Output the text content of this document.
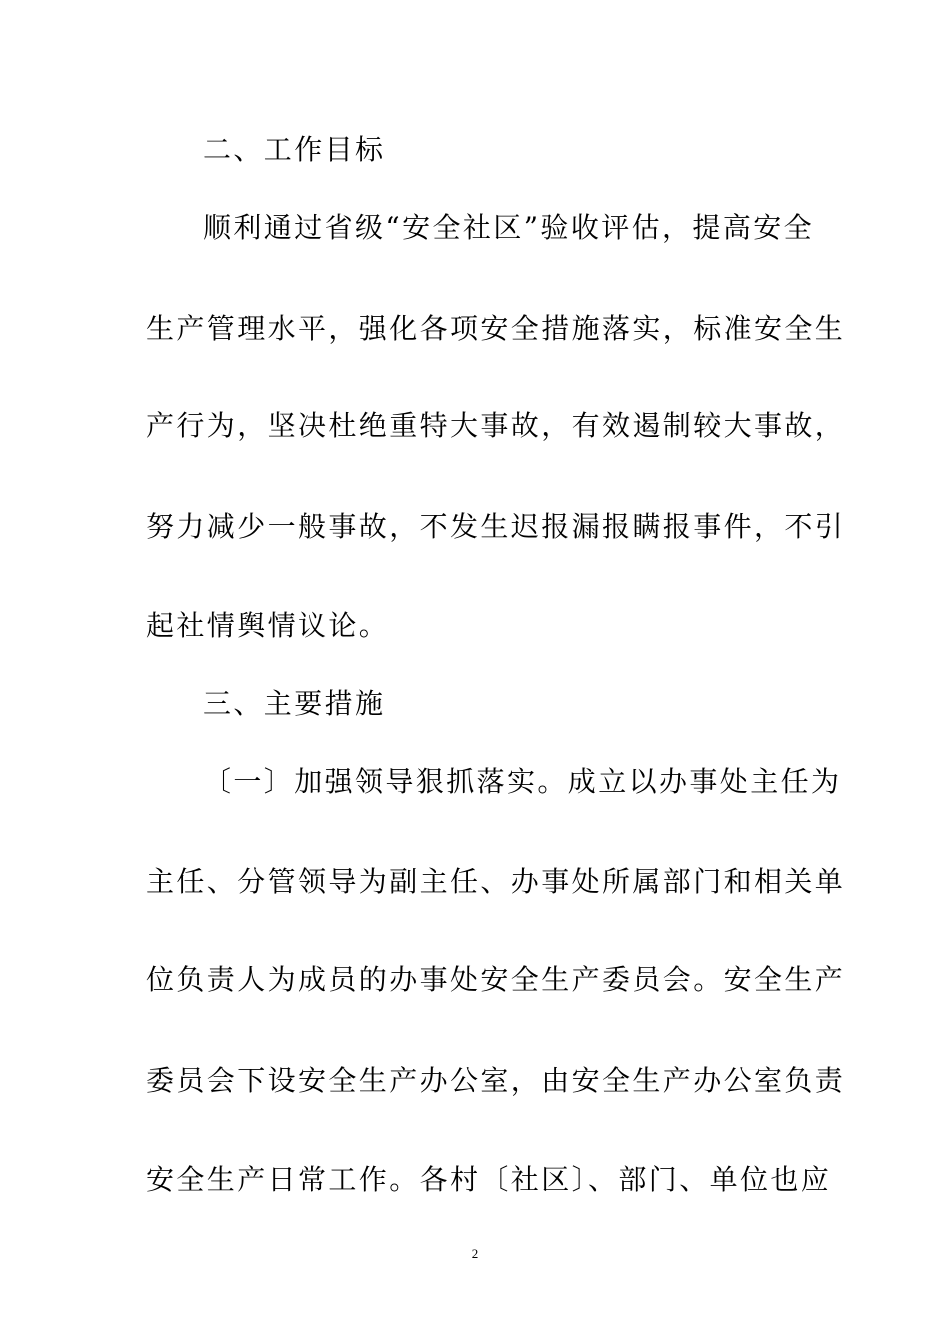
二、工作目标
顺利通过省级“安全社区”验收评估，提高安全
生产管理水平，强化各项安全措施落实，标准安全生
产行为，坚决杜绝重特大事故，有效遏制较大事故，
努力减少一般事故，不发生迟报漏报瞒报事件，不引
起社情舆情议论。
三、主要措施
〔一〕加强领导狠抓落实。成立以办事处主任为
主任、分管领导为副主任、办事处所属部门和相关单
位负责人为成员的办事处安全生产委员会。安全生产
委员会下设安全生产办公室，由安全生产办公室负责
安全生产日常工作。各村〔社区〕、部门、单位也应
2
